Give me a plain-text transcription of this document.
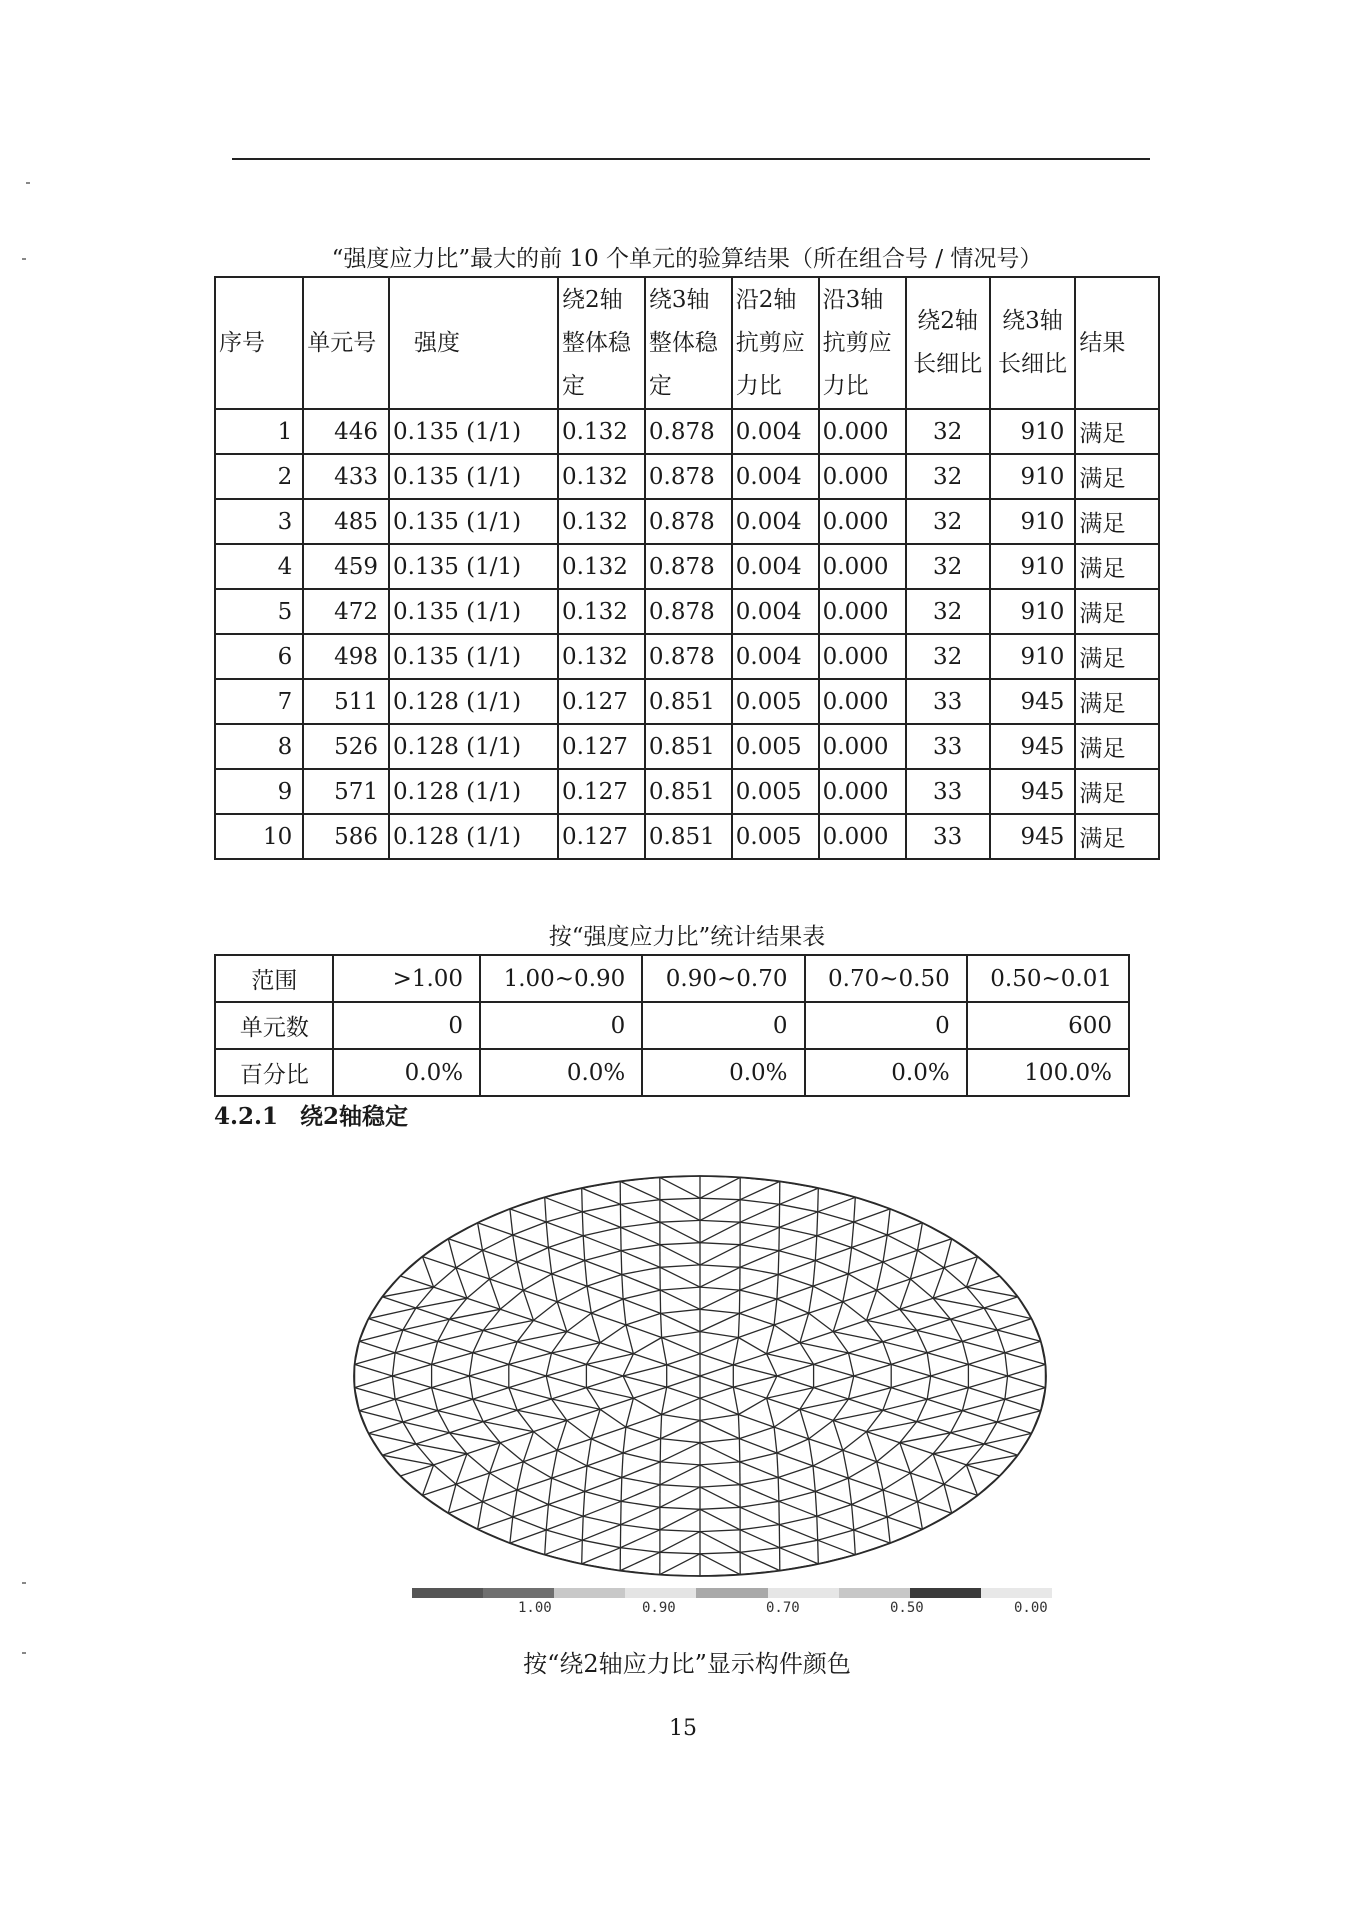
“强度应力比”最大的前 10 个单元的验算结果（所在组合号 / 情况号）
序号	单元号	强度	绕2轴整体稳定	绕3轴整体稳定	沿2轴抗剪应力比	沿3轴抗剪应力比	绕2轴长细比	绕3轴长细比	结果
1	446	0.135 (1/1)	0.132	0.878	0.004	0.000	32	910	满足
2	433	0.135 (1/1)	0.132	0.878	0.004	0.000	32	910	满足
3	485	0.135 (1/1)	0.132	0.878	0.004	0.000	32	910	满足
4	459	0.135 (1/1)	0.132	0.878	0.004	0.000	32	910	满足
5	472	0.135 (1/1)	0.132	0.878	0.004	0.000	32	910	满足
6	498	0.135 (1/1)	0.132	0.878	0.004	0.000	32	910	满足
7	511	0.128 (1/1)	0.127	0.851	0.005	0.000	33	945	满足
8	526	0.128 (1/1)	0.127	0.851	0.005	0.000	33	945	满足
9	571	0.128 (1/1)	0.127	0.851	0.005	0.000	33	945	满足
10	586	0.128 (1/1)	0.127	0.851	0.005	0.000	33	945	满足
按“强度应力比”统计结果表
范围	>1.00	1.00~0.90	0.90~0.70	0.70~0.50	0.50~0.01
单元数	0	0	0	0	600
百分比	0.0%	0.0%	0.0%	0.0%	100.0%
4.2.1 绕2轴稳定
1.00	0.90	0.70	0.50	0.00
按“绕2轴应力比”显示构件颜色
15
